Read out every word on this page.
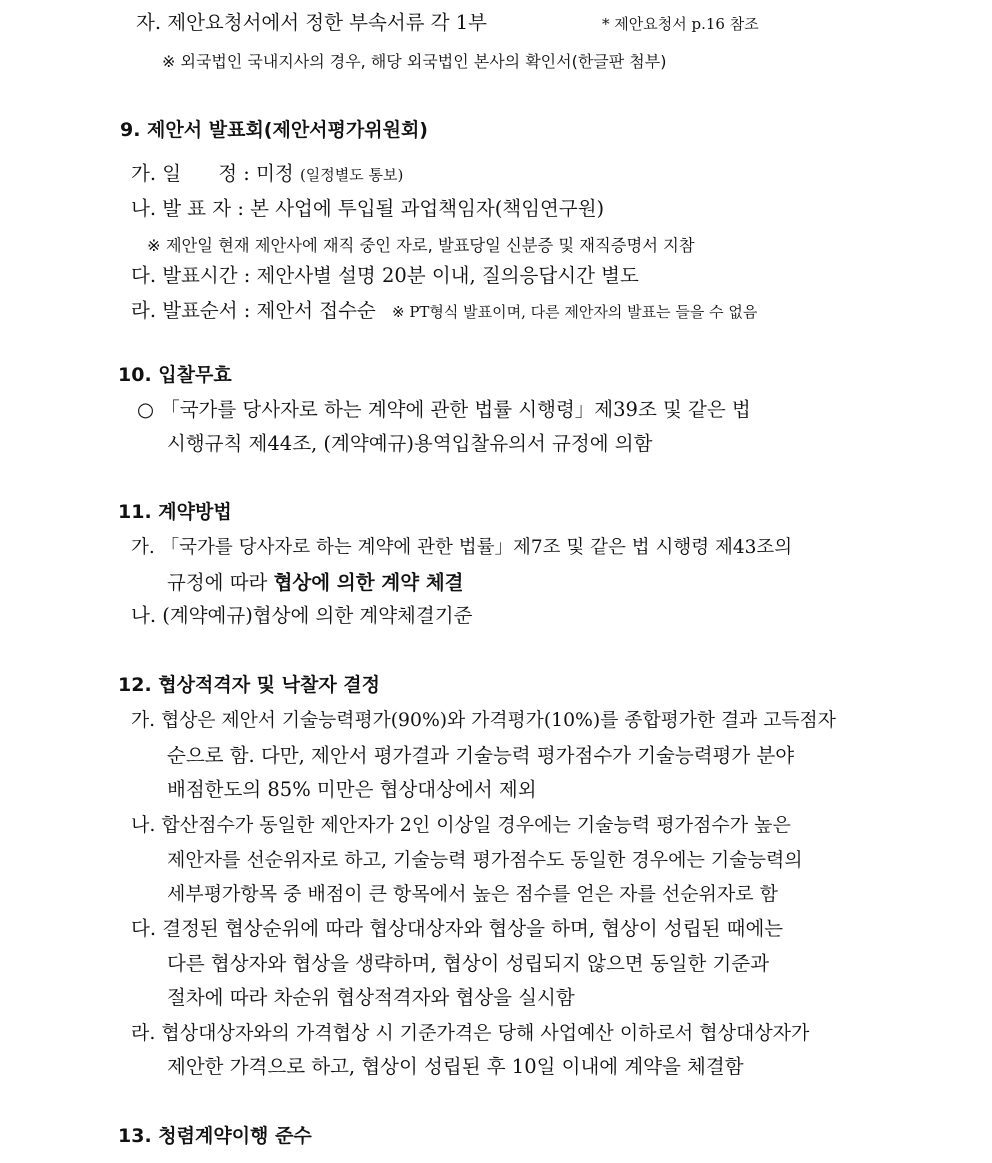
자. 제안요청서에서 정한 부속서류 각 1부	* 제안요청서 p.16 참조
※ 외국법인 국내지사의 경우, 해당 외국법인 본사의 확인서(한글판 첨부)
9. 제안서 발표회(제안서평가위원회)
가. 일      정 : 미정 (일정별도 통보)
나. 발 표 자 : 본 사업에 투입될 과업책임자(책임연구원)
※ 제안일 현재 제안사에 재직 중인 자로, 발표당일 신분증 및 재직증명서 지참
다. 발표시간 : 제안사별 설명 20분 이내, 질의응답시간 별도
라. 발표순서 : 제안서 접수순 ※ PT형식 발표이며, 다른 제안자의 발표는 들을 수 없음
10. 입찰무효
○ 「국가를 당사자로 하는 계약에 관한 법률 시행령」제39조 및 같은 법
시행규칙 제44조, (계약예규)용역입찰유의서 규정에 의함
11. 계약방법
가. 「국가를 당사자로 하는 계약에 관한 법률」제7조 및 같은 법 시행령 제43조의
규정에 따라 협상에 의한 계약 체결
나. (계약예규)협상에 의한 계약체결기준
12. 협상적격자 및 낙찰자 결정
가. 협상은 제안서 기술능력평가(90%)와 가격평가(10%)를 종합평가한 결과 고득점자
순으로 함. 다만, 제안서 평가결과 기술능력 평가점수가 기술능력평가 분야
배점한도의 85% 미만은 협상대상에서 제외
나. 합산점수가 동일한 제안자가 2인 이상일 경우에는 기술능력 평가점수가 높은
제안자를 선순위자로 하고, 기술능력 평가점수도 동일한 경우에는 기술능력의
세부평가항목 중 배점이 큰 항목에서 높은 점수를 얻은 자를 선순위자로 함
다. 결정된 협상순위에 따라 협상대상자와 협상을 하며, 협상이 성립된 때에는
다른 협상자와 협상을 생략하며, 협상이 성립되지 않으면 동일한 기준과
절차에 따라 차순위 협상적격자와 협상을 실시함
라. 협상대상자와의 가격협상 시 기준가격은 당해 사업예산 이하로서 협상대상자가
제안한 가격으로 하고, 협상이 성립된 후 10일 이내에 계약을 체결함
13. 청렴계약이행 준수
